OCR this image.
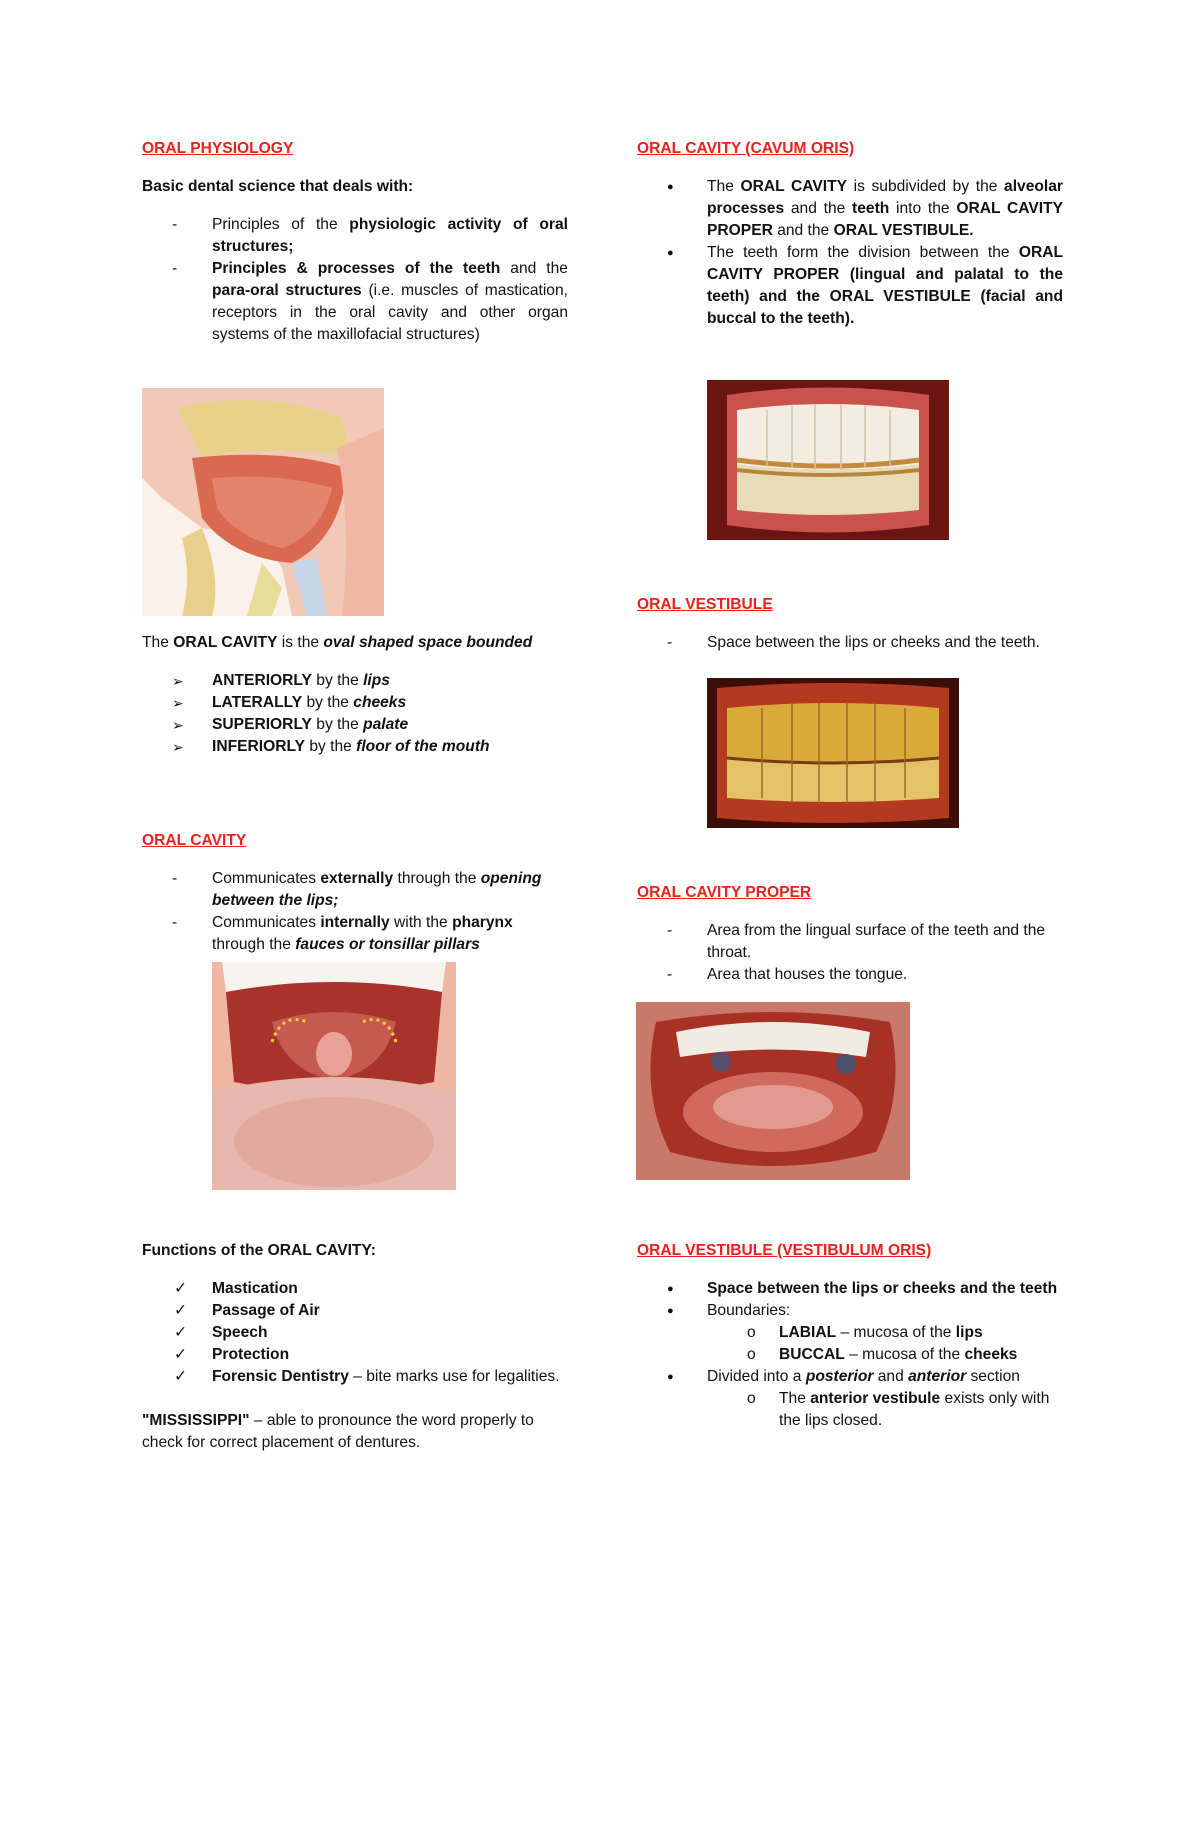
ORAL PHYSIOLOGY

Basic dental science that deals with:

- Principles of the physiologic activity of oral structures;
- Principles & processes of the teeth and the para-oral structures (i.e. muscles of mastication, receptors in the oral cavity and other organ systems of the maxillofacial structures)

The ORAL CAVITY is the oval shaped space bounded

➢ ANTERIORLY by the lips
➢ LATERALLY by the cheeks
➢ SUPERIORLY by the palate
➢ INFERIORLY by the floor of the mouth

ORAL CAVITY

- Communicates externally through the opening between the lips;
- Communicates internally with the pharynx through the fauces or tonsillar pillars

Functions of the ORAL CAVITY:

✓ Mastication
✓ Passage of Air
✓ Speech
✓ Protection
✓ Forensic Dentistry – bite marks use for legalities.

"MISSISSIPPI" – able to pronounce the word properly to check for correct placement of dentures.

ORAL CAVITY (CAVUM ORIS)

● The ORAL CAVITY is subdivided by the alveolar processes and the teeth into the ORAL CAVITY PROPER and the ORAL VESTIBULE.
● The teeth form the division between the ORAL CAVITY PROPER (lingual and palatal to the teeth) and the ORAL VESTIBULE (facial and buccal to the teeth).

ORAL VESTIBULE

- Space between the lips or cheeks and the teeth.

ORAL CAVITY PROPER

- Area from the lingual surface of the teeth and the throat.
- Area that houses the tongue.

ORAL VESTIBULE (VESTIBULUM ORIS)

● Space between the lips or cheeks and the teeth
● Boundaries:
o LABIAL – mucosa of the lips
o BUCCAL – mucosa of the cheeks
● Divided into a posterior and anterior section
o The anterior vestibule exists only with the lips closed.
